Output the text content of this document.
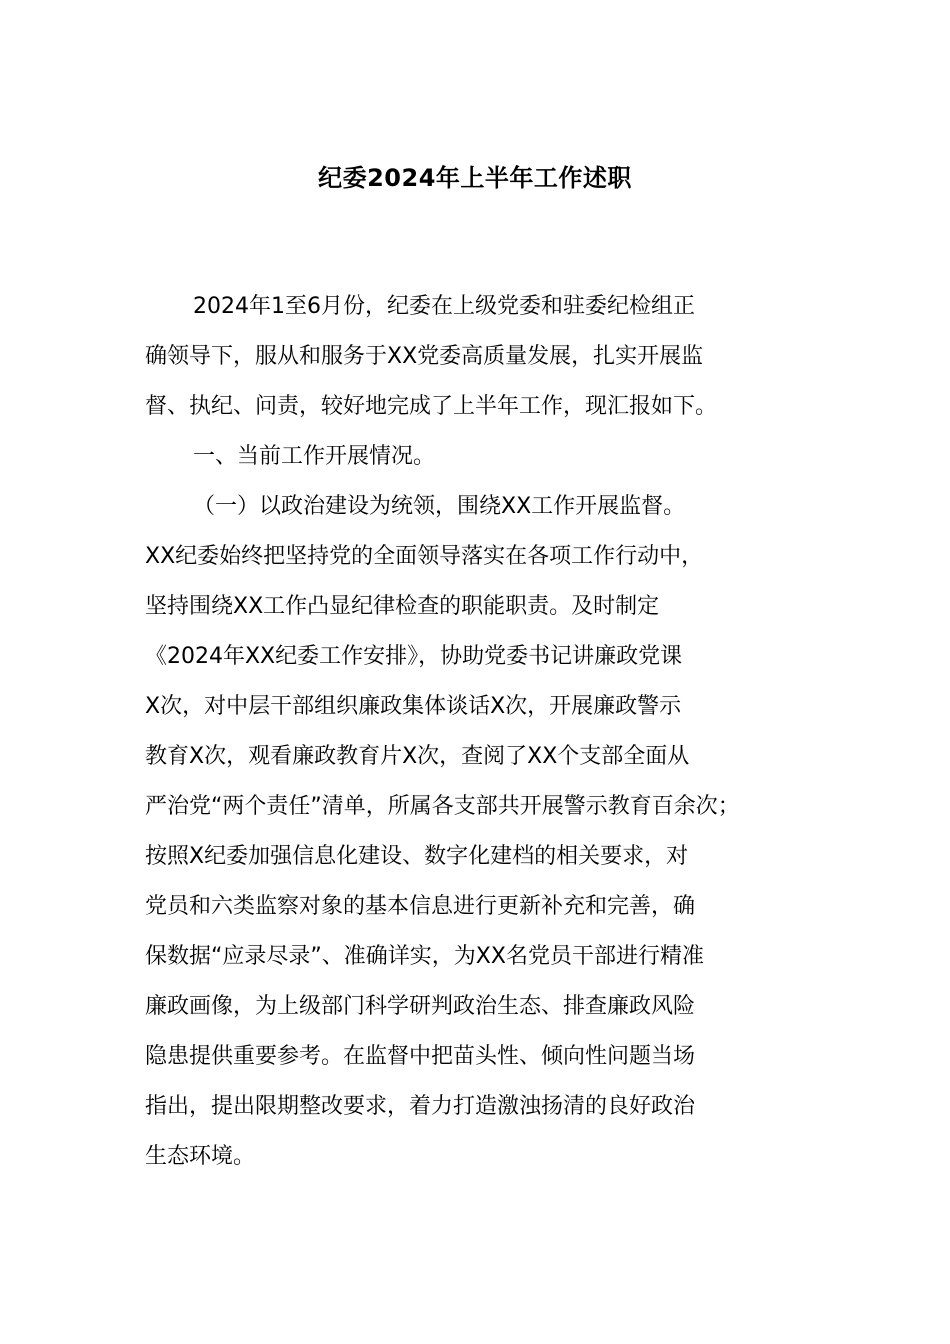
纪委2024年上半年工作述职
2024年1至6月份，纪委在上级党委和驻委纪检组正
确领导下，服从和服务于XX党委高质量发展，扎实开展监
督、执纪、问责，较好地完成了上半年工作，现汇报如下。
一、当前工作开展情况。
（一）以政治建设为统领，围绕XX工作开展监督。
XX纪委始终把坚持党的全面领导落实在各项工作行动中，
坚持围绕XX工作凸显纪律检查的职能职责。及时制定
《2024年XX纪委工作安排》，协助党委书记讲廉政党课
X次，对中层干部组织廉政集体谈话X次，开展廉政警示
教育X次，观看廉政教育片X次，查阅了XX个支部全面从
严治党“两个责任”清单，所属各支部共开展警示教育百余次；
按照X纪委加强信息化建设、数字化建档的相关要求，对
党员和六类监察对象的基本信息进行更新补充和完善，确
保数据“应录尽录”、准确详实，为XX名党员干部进行精准
廉政画像，为上级部门科学研判政治生态、排查廉政风险
隐患提供重要参考。在监督中把苗头性、倾向性问题当场
指出，提出限期整改要求，着力打造激浊扬清的良好政治
生态环境。
